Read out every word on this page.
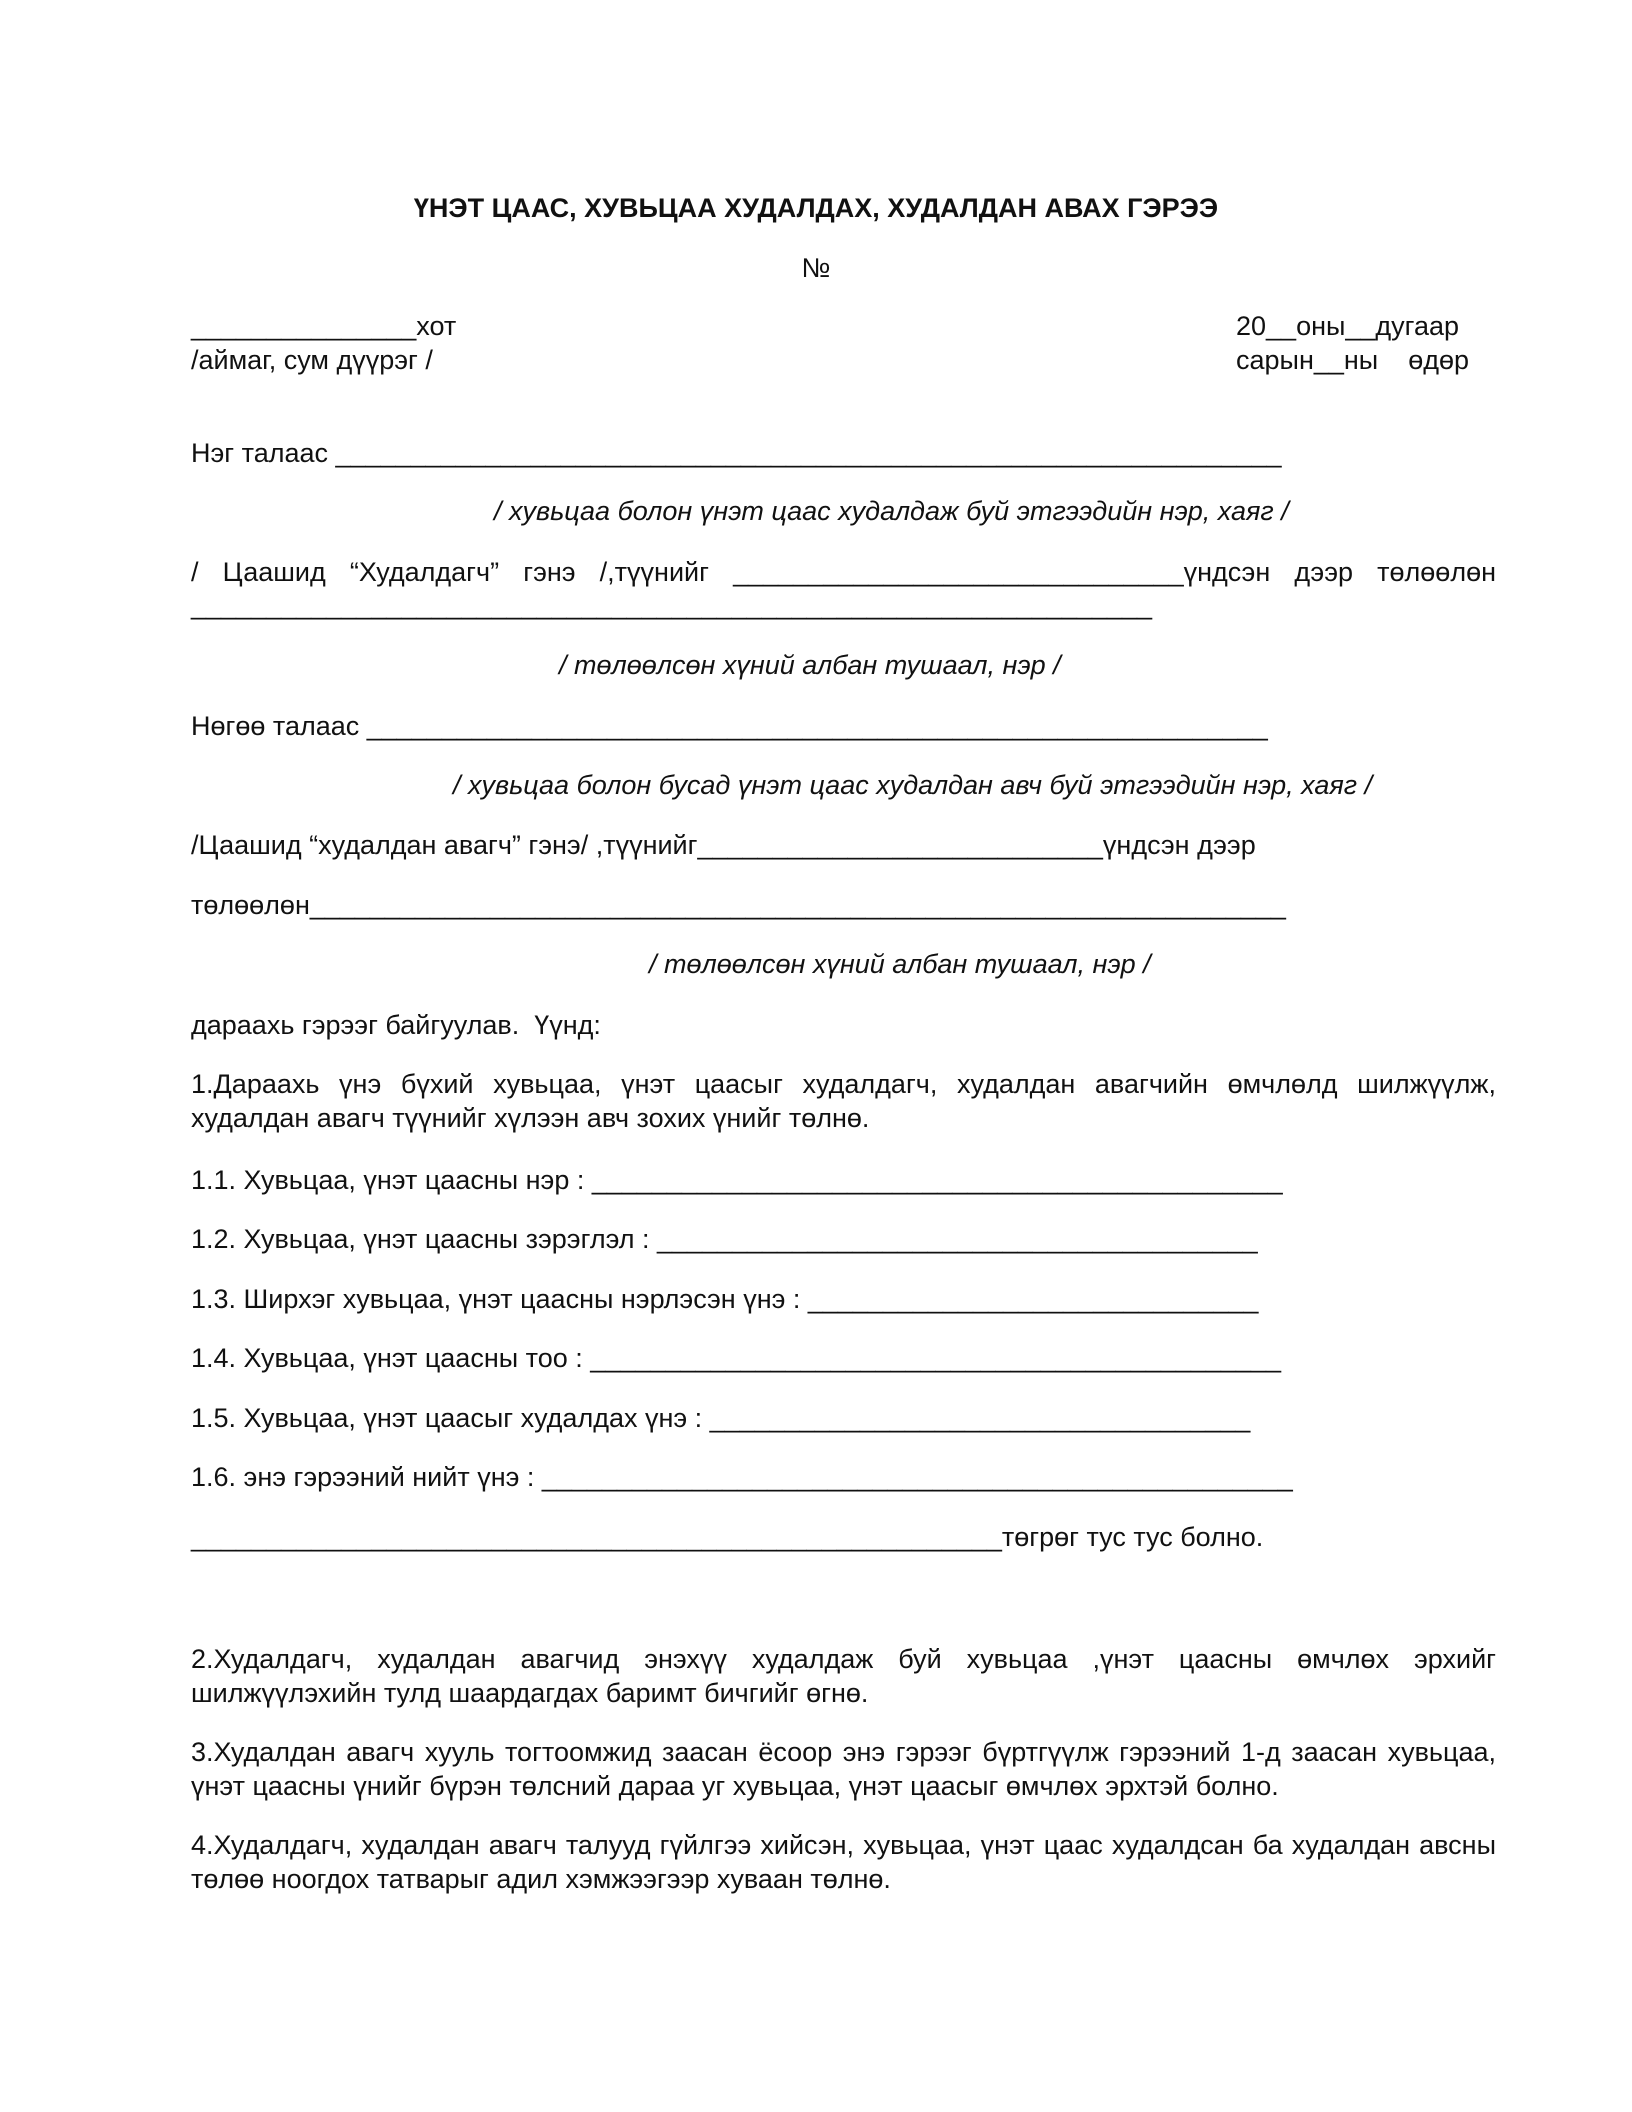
ҮНЭТ ЦААС, ХУВЬЦАА ХУДАЛДАХ, ХУДАЛДАН АВАХ ГЭРЭЭ
№
_______________хот
/аймаг, сум дүүрэг /
20__оны__дугаар
сарын__ны    өдөр
Нэг талаас _______________________________________________________________
/ хувьцаа болон үнэт цаас худалдаж буй этгээдийн нэр, хаяг /
/ Цаашид “Худалдагч” гэнэ /,түүнийг ______________________________үндсэн дээр төлөөлөн
________________________________________________________________
/ төлөөлсөн хүний албан тушаал, нэр /
Нөгөө талаас ____________________________________________________________
/ хувьцаа болон бусад үнэт цаас худалдан авч буй этгээдийн нэр, хаяг /
/Цаашид “худалдан авагч” гэнэ/ ,түүнийг___________________________үндсэн дээр
төлөөлөн_________________________________________________________________
/ төлөөлсөн хүний албан тушаал, нэр /
дараахь гэрээг байгуулав.  Үүнд:
1.Дараахь үнэ бүхий хувьцаа, үнэт цаасыг худалдагч, худалдан авагчийн өмчлөлд шилжүүлж, худалдан авагч түүнийг хүлээн авч зохих үнийг төлнө.
1.1. Хувьцаа, үнэт цаасны нэр : ______________________________________________
1.2. Хувьцаа, үнэт цаасны зэрэглэл : ________________________________________
1.3. Ширхэг хувьцаа, үнэт цаасны нэрлэсэн үнэ : ______________________________
1.4. Хувьцаа, үнэт цаасны тоо : ______________________________________________
1.5. Хувьцаа, үнэт цаасыг худалдах үнэ : ____________________________________
1.6. энэ гэрээний нийт үнэ : __________________________________________________
______________________________________________________төгрөг тус тус болно.
2.Худалдагч, худалдан авагчид энэхүү худалдаж буй хувьцаа ,үнэт цаасны өмчлөх эрхийг шилжүүлэхийн тулд шаардагдах баримт бичгийг өгнө.
3.Худалдан авагч хууль тогтоомжид заасан ёсоор энэ гэрээг бүртгүүлж гэрээний 1-д заасан хувьцаа, үнэт цаасны үнийг бүрэн төлсний дараа уг хувьцаа, үнэт цаасыг өмчлөх эрхтэй болно.
4.Худалдагч, худалдан авагч талууд гүйлгээ хийсэн, хувьцаа, үнэт цаас худалдсан ба худалдан авсны төлөө ноогдох татварыг адил хэмжээгээр хуваан төлнө.
